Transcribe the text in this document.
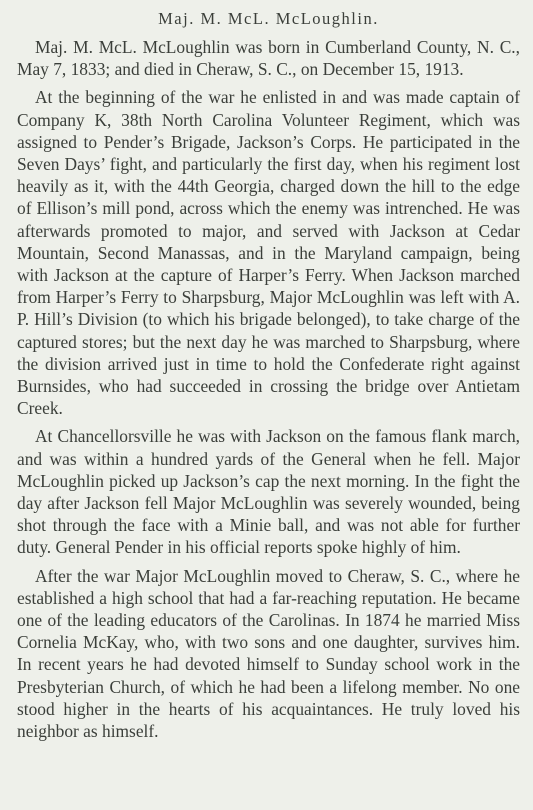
Maj. M. McL. McLoughlin.

Maj. M. McL. McLoughlin was born in Cumberland County, N. C., May 7, 1833; and died in Cheraw, S. C., on December 15, 1913.

At the beginning of the war he enlisted in and was made captain of Company K, 38th North Carolina Volunteer Regiment, which was assigned to Pender’s Brigade, Jackson’s Corps. He participated in the Seven Days’ fight, and particularly the first day, when his regiment lost heavily as it, with the 44th Georgia, charged down the hill to the edge of Ellison’s mill pond, across which the enemy was intrenched. He was afterwards promoted to major, and served with Jackson at Cedar Mountain, Second Manassas, and in the Maryland campaign, being with Jackson at the capture of Harper’s Ferry. When Jackson marched from Harper’s Ferry to Sharpsburg, Major McLoughlin was left with A. P. Hill’s Division (to which his brigade belonged), to take charge of the captured stores; but the next day he was marched to Sharpsburg, where the division arrived just in time to hold the Confederate right against Burnsides, who had succeeded in crossing the bridge over Antietam Creek.

At Chancellorsville he was with Jackson on the famous flank march, and was within a hundred yards of the General when he fell. Major McLoughlin picked up Jackson’s cap the next morning. In the fight the day after Jackson fell Major McLoughlin was severely wounded, being shot through the face with a Minie ball, and was not able for further duty. General Pender in his official reports spoke highly of him.

After the war Major McLoughlin moved to Cheraw, S. C., where he established a high school that had a far-reaching reputation. He became one of the leading educators of the Carolinas. In 1874 he married Miss Cornelia McKay, who, with two sons and one daughter, survives him. In recent years he had devoted himself to Sunday school work in the Presbyterian Church, of which he had been a lifelong member. No one stood higher in the hearts of his acquaintances. He truly loved his neighbor as himself.
